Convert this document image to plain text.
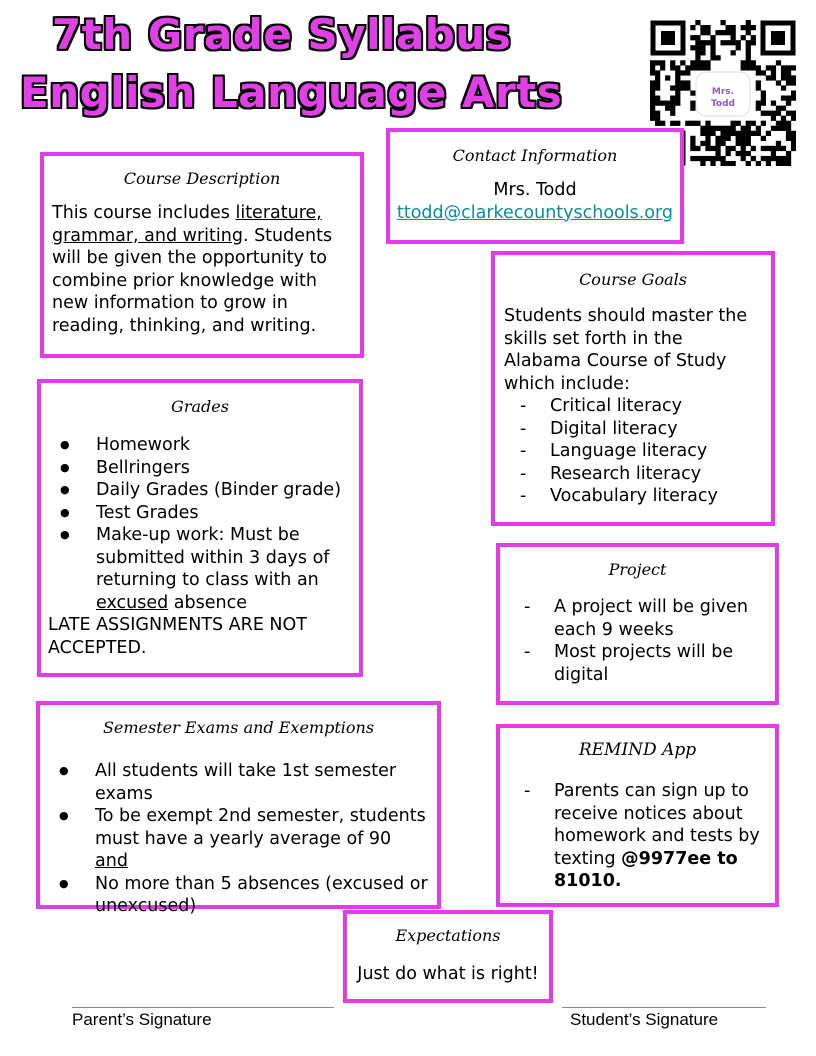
7th Grade Syllabus
English Language Arts	Mrs. Todd
Contact Information
Mrs. Todd
ttodd@clarkecountyschools.org
Course Description
This course includes literature, grammar, and writing. Students will be given the opportunity to combine prior knowledge with new information to grow in reading, thinking, and writing.
Course Goals
Students should master the skills set forth in the Alabama Course of Study which include:
- Critical literacy
- Digital literacy
- Language literacy
- Research literacy
- Vocabulary literacy
Grades
● Homework
● Bellringers
● Daily Grades (Binder grade)
● Test Grades
● Make-up work: Must be submitted within 3 days of returning to class with an excused absence
LATE ASSIGNMENTS ARE NOT ACCEPTED.
Project
- A project will be given each 9 weeks
- Most projects will be digital
Semester Exams and Exemptions
● All students will take 1st semester exams
● To be exempt 2nd semester, students must have a yearly average of 90 and
● No more than 5 absences (excused or unexcused)
REMIND App
- Parents can sign up to receive notices about homework and tests by texting @9977ee to 81010.
Expectations
Just do what is right!
Parent’s Signature	Student’s Signature
